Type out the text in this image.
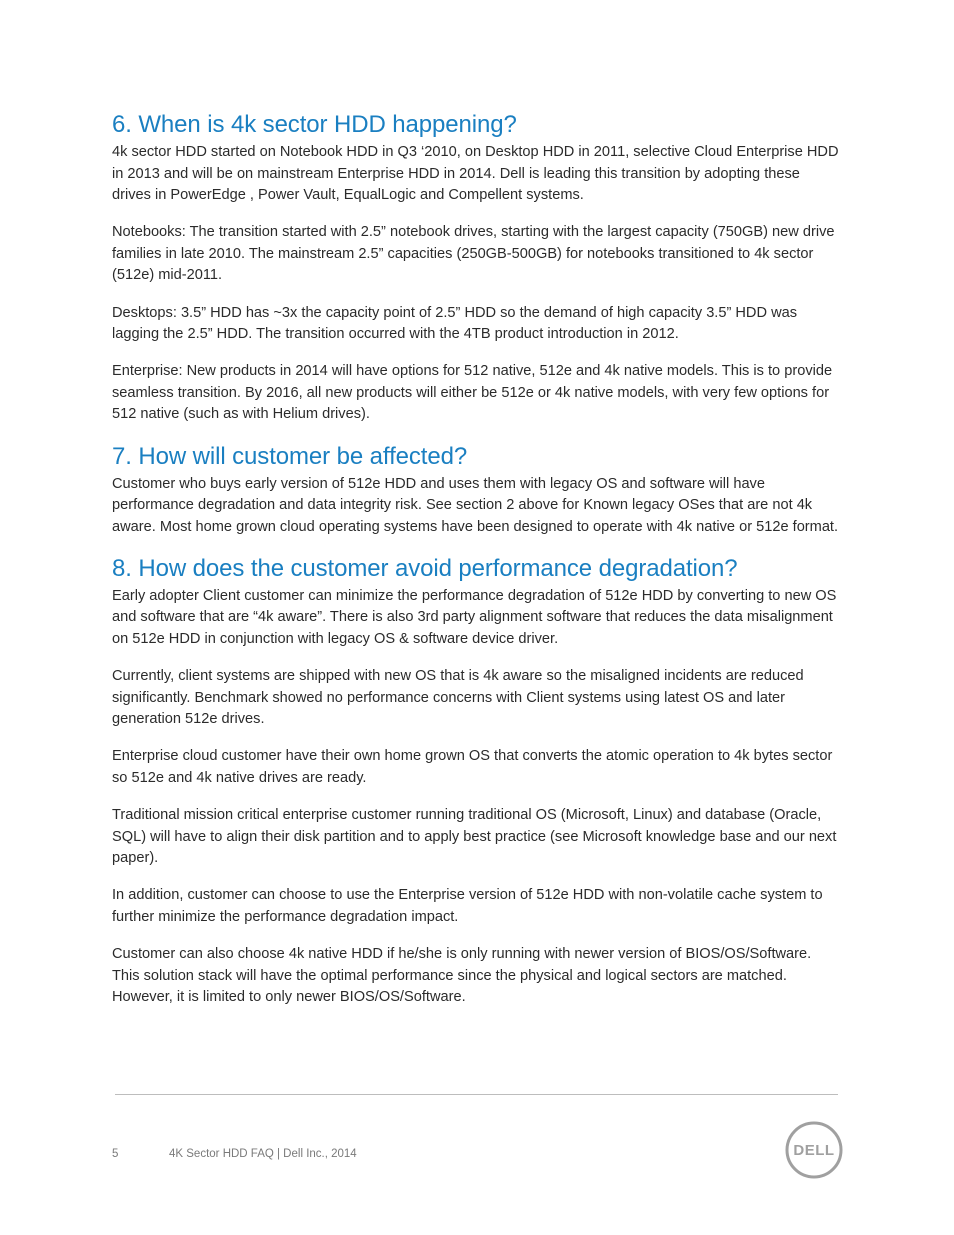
6. When is 4k sector HDD happening?

4k sector HDD started on Notebook HDD in Q3 ‘2010, on Desktop HDD in 2011, selective Cloud Enterprise HDD in 2013 and will be on mainstream Enterprise HDD in 2014. Dell is leading this transition by adopting these drives in PowerEdge , Power Vault, EqualLogic and Compellent systems.

Notebooks: The transition started with 2.5” notebook drives, starting with the largest capacity (750GB) new drive families in late 2010. The mainstream 2.5” capacities (250GB-500GB) for notebooks transitioned to 4k sector (512e) mid-2011.

Desktops: 3.5” HDD has ~3x the capacity point of 2.5” HDD so the demand of high capacity 3.5” HDD was lagging the 2.5” HDD. The transition occurred with the 4TB product introduction in 2012.

Enterprise: New products in 2014 will have options for 512 native, 512e and 4k native models. This is to provide seamless transition. By 2016, all new products will either be 512e or 4k native models, with very few options for 512 native (such as with Helium drives).

7. How will customer be affected?

Customer who buys early version of 512e HDD and uses them with legacy OS and software will have performance degradation and data integrity risk. See section 2 above for Known legacy OSes that are not 4k aware. Most home grown cloud operating systems have been designed to operate with 4k native or 512e format.

8. How does the customer avoid performance degradation?

Early adopter Client customer can minimize the performance degradation of 512e HDD by converting to new OS and software that are “4k aware”. There is also 3rd party alignment software that reduces the data misalignment on 512e HDD in conjunction with legacy OS & software device driver.

Currently, client systems are shipped with new OS that is 4k aware so the misaligned incidents are reduced significantly. Benchmark showed no performance concerns with Client systems using latest OS and later generation 512e drives.

Enterprise cloud customer have their own home grown OS that converts the atomic operation to 4k bytes sector so 512e and 4k native drives are ready.

Traditional mission critical enterprise customer running traditional OS (Microsoft, Linux) and database (Oracle, SQL) will have to align their disk partition and to apply best practice (see Microsoft knowledge base and our next paper).

In addition, customer can choose to use the Enterprise version of 512e HDD with non-volatile cache system to further minimize the performance degradation impact.

Customer can also choose 4k native HDD if he/she is only running with newer version of BIOS/OS/Software. This solution stack will have the optimal performance since the physical and logical sectors are matched. However, it is limited to only newer BIOS/OS/Software.

5	4K Sector HDD FAQ | Dell Inc., 2014	DELL
